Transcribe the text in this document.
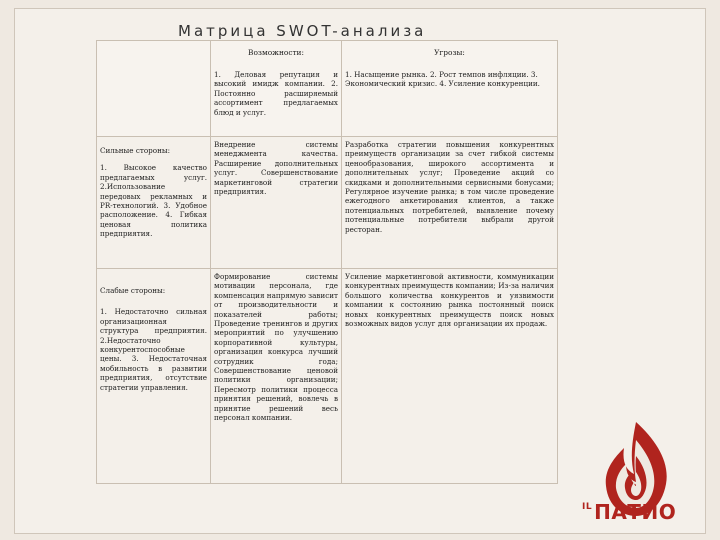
Матрица SWOT-анализа
Возможности:	Угрозы:
1. Деловая репутация и высокий имидж компании. 2. Постоянно расширяемый ассортимент предлагаемых блюд и услуг.
1. Насыщение рынка. 2. Рост темпов инфляции. 3. Экономический кризис. 4. Усиление конкуренции.
Сильные стороны:
1. Высокое качество предлагаемых услуг. 2.Использование передовых рекламных и PR-технологий. 3. Удобное расположение. 4. Гибкая ценовая политика предприятия.
Внедрение системы менеджмента качества. Расширение дополнительных услуг. Совершенствование маркетинговой стратегии предприятия.
Разработка стратегии повышения конкурентных преимуществ организации за счет гибкой системы ценообразования, широкого ассортимента и дополнительных услуг; Проведение акций со скидками и дополнительными сервисными бонусами; Регулярное изучение рынка; в том числе проведение ежегодного анкетирования клиентов, а также потенциальных потребителей, выявление почему потенциальные потребители выбрали другой ресторан.
Слабые стороны:
1. Недостаточно сильная организационная структура предприятия. 2.Недостаточно конкурентоспособные цены. 3. Недостаточная мобильность в развитии предприятия, отсутствие стратегии управления.
Формирование системы мотивации персонала, где компенсация напрямую зависит от производительности и показателей работы; Проведение тренингов и других мероприятий по улучшению корпоративной культуры, организация конкурса лучший сотрудник года; Совершенствование ценовой политики организации; Пересмотр политики процесса принятия решений, вовлечь в принятие решений весь персонал компании.
Усиление маркетинговой активности, коммуникации конкурентных преимуществ компании; Из-за наличия большого количества конкурентов и уязвимости компании к состоянию рынка постоянный поиск новых конкурентных преимуществ поиск новых возможных видов услуг для организации их продаж.
$^{IL}$ ПАТИО
